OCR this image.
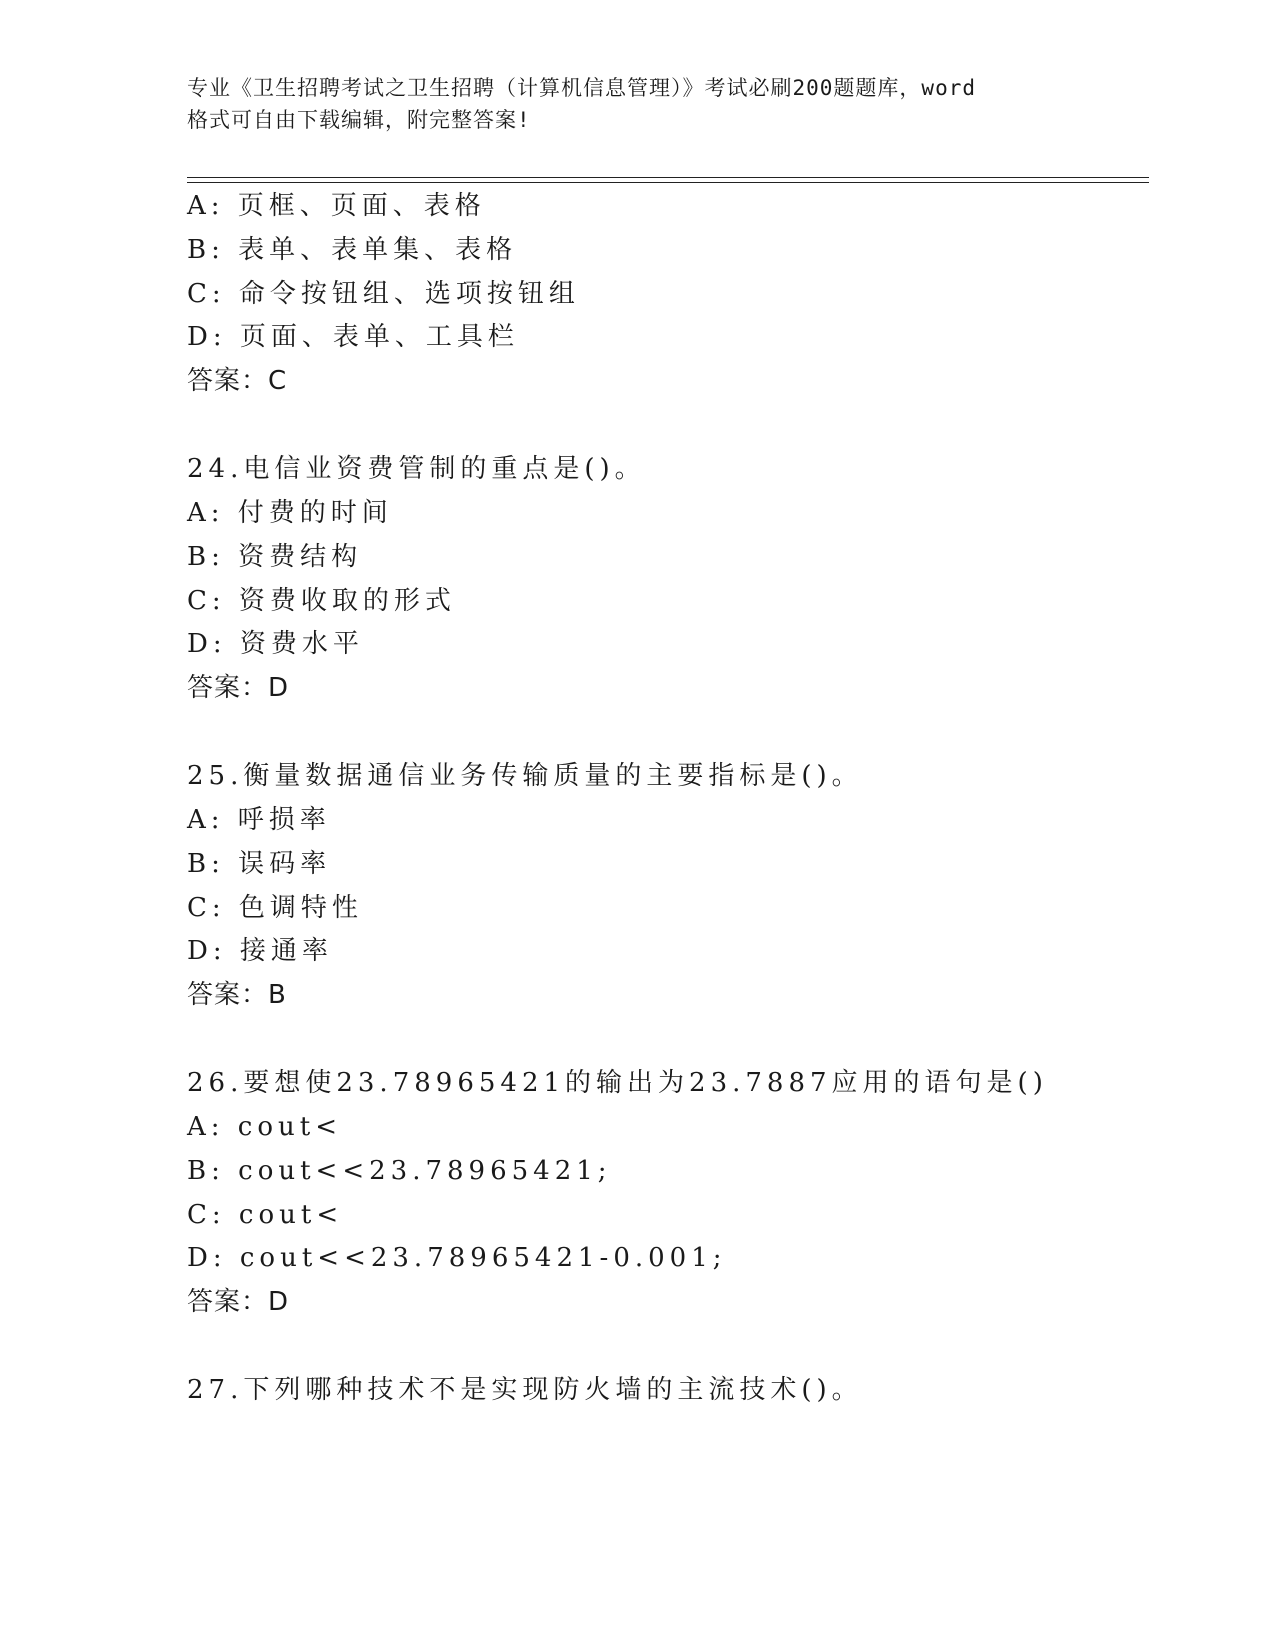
专业《卫生招聘考试之卫生招聘（计算机信息管理）》考试必刷200题题库，word
格式可自由下载编辑，附完整答案!
A: 页框、页面、表格
B: 表单、表单集、表格
C: 命令按钮组、选项按钮组
D: 页面、表单、工具栏
答案：C
24.电信业资费管制的重点是()。
A: 付费的时间
B: 资费结构
C: 资费收取的形式
D: 资费水平
答案：D
25.衡量数据通信业务传输质量的主要指标是()。
A: 呼损率
B: 误码率
C: 色调特性
D: 接通率
答案：B
26.要想使23.78965421的输出为23.7887应用的语句是()
A: cout<
B: cout<<23.78965421;
C: cout<
D: cout<<23.78965421-0.001;
答案：D
27.下列哪种技术不是实现防火墙的主流技术()。
